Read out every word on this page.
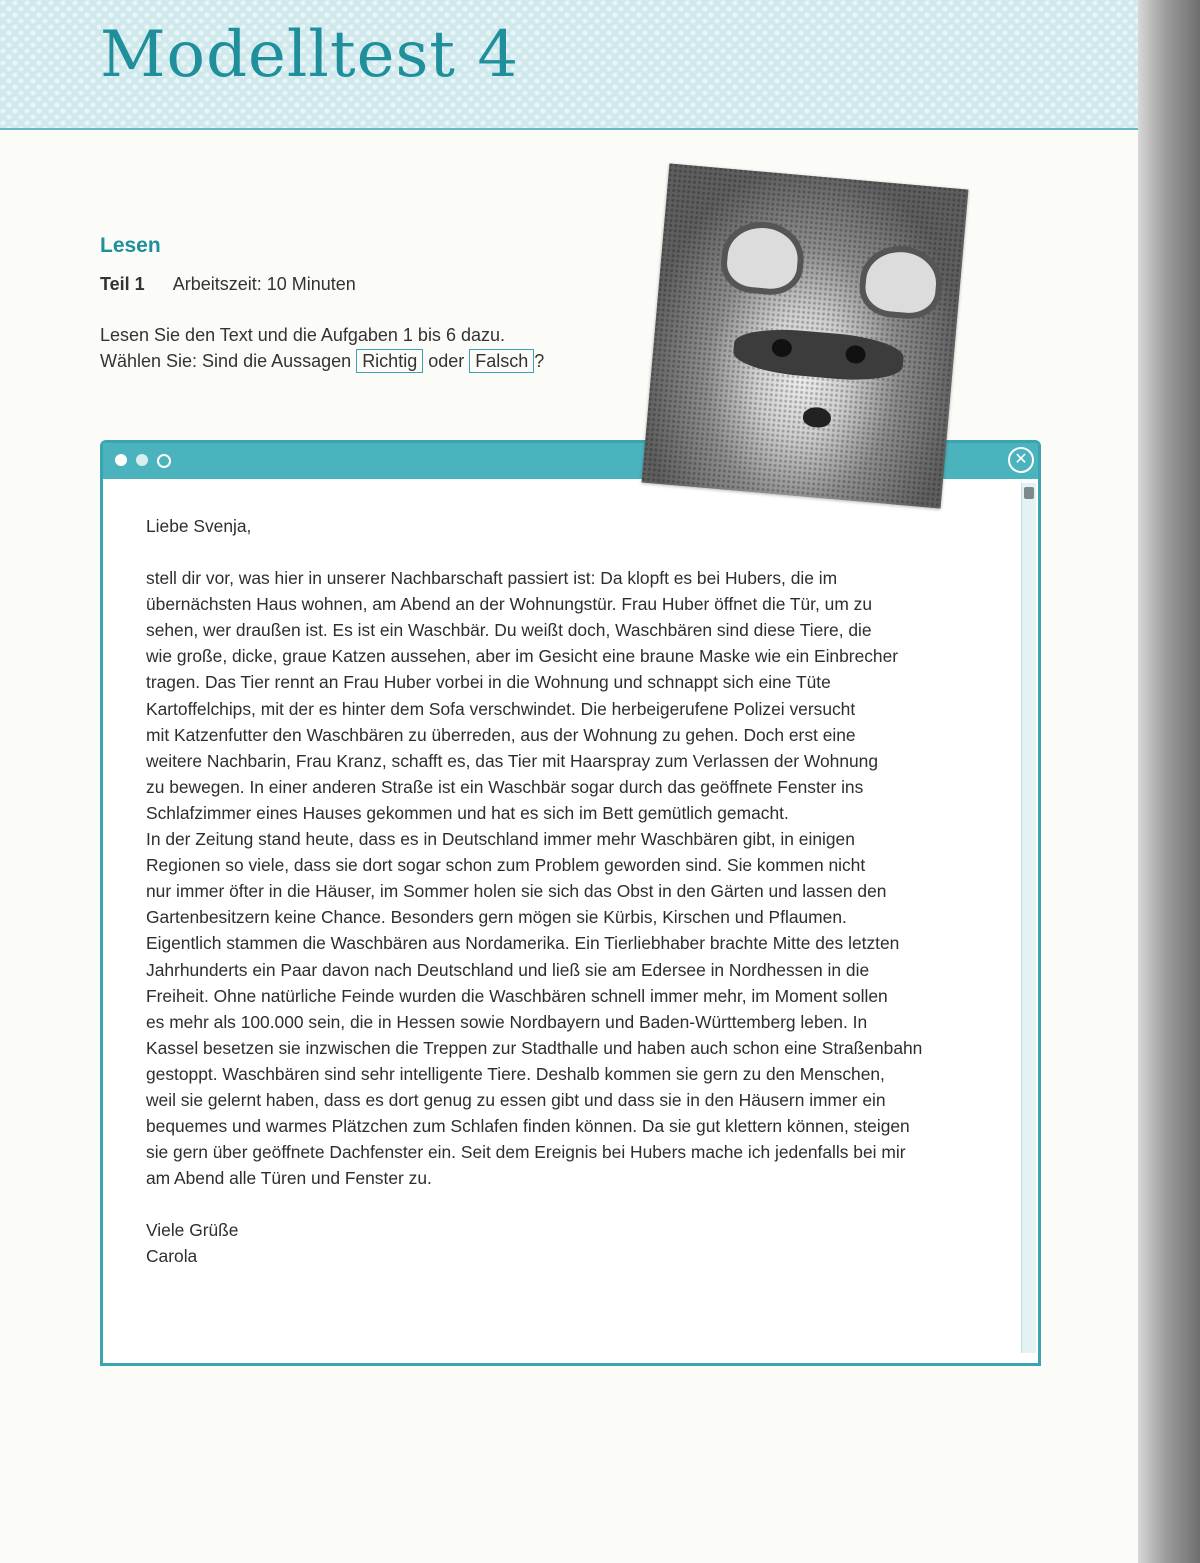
Modelltest 4
Lesen
Teil 1 Arbeitszeit: 10 Minuten
Lesen Sie den Text und die Aufgaben 1 bis 6 dazu.
Wählen Sie: Sind die Aussagen Richtig oder Falsch ?
✕

Liebe Svenja,

stell dir vor, was hier in unserer Nachbarschaft passiert ist: Da klopft es bei Hubers, die im
übernächsten Haus wohnen, am Abend an der Wohnungstür. Frau Huber öffnet die Tür, um zu
sehen, wer draußen ist. Es ist ein Waschbär. Du weißt doch, Waschbären sind diese Tiere, die
wie große, dicke, graue Katzen aussehen, aber im Gesicht eine braune Maske wie ein Einbrecher
tragen. Das Tier rennt an Frau Huber vorbei in die Wohnung und schnappt sich eine Tüte
Kartoffelchips, mit der es hinter dem Sofa verschwindet. Die herbeigerufene Polizei versucht
mit Katzenfutter den Waschbären zu überreden, aus der Wohnung zu gehen. Doch erst eine
weitere Nachbarin, Frau Kranz, schafft es, das Tier mit Haarspray zum Verlassen der Wohnung
zu bewegen. In einer anderen Straße ist ein Waschbär sogar durch das geöffnete Fenster ins
Schlafzimmer eines Hauses gekommen und hat es sich im Bett gemütlich gemacht.
In der Zeitung stand heute, dass es in Deutschland immer mehr Waschbären gibt, in einigen
Regionen so viele, dass sie dort sogar schon zum Problem geworden sind. Sie kommen nicht
nur immer öfter in die Häuser, im Sommer holen sie sich das Obst in den Gärten und lassen den
Gartenbesitzern keine Chance. Besonders gern mögen sie Kürbis, Kirschen und Pflaumen.
Eigentlich stammen die Waschbären aus Nordamerika. Ein Tierliebhaber brachte Mitte des letzten
Jahrhunderts ein Paar davon nach Deutschland und ließ sie am Edersee in Nordhessen in die
Freiheit. Ohne natürliche Feinde wurden die Waschbären schnell immer mehr, im Moment sollen
es mehr als 100.000 sein, die in Hessen sowie Nordbayern und Baden-Württemberg leben. In
Kassel besetzen sie inzwischen die Treppen zur Stadthalle und haben auch schon eine Straßenbahn
gestoppt. Waschbären sind sehr intelligente Tiere. Deshalb kommen sie gern zu den Menschen,
weil sie gelernt haben, dass es dort genug zu essen gibt und dass sie in den Häusern immer ein
bequemes und warmes Plätzchen zum Schlafen finden können. Da sie gut klettern können, steigen
sie gern über geöffnete Dachfenster ein. Seit dem Ereignis bei Hubers mache ich jedenfalls bei mir
am Abend alle Türen und Fenster zu.

Viele Grüße

Carola
